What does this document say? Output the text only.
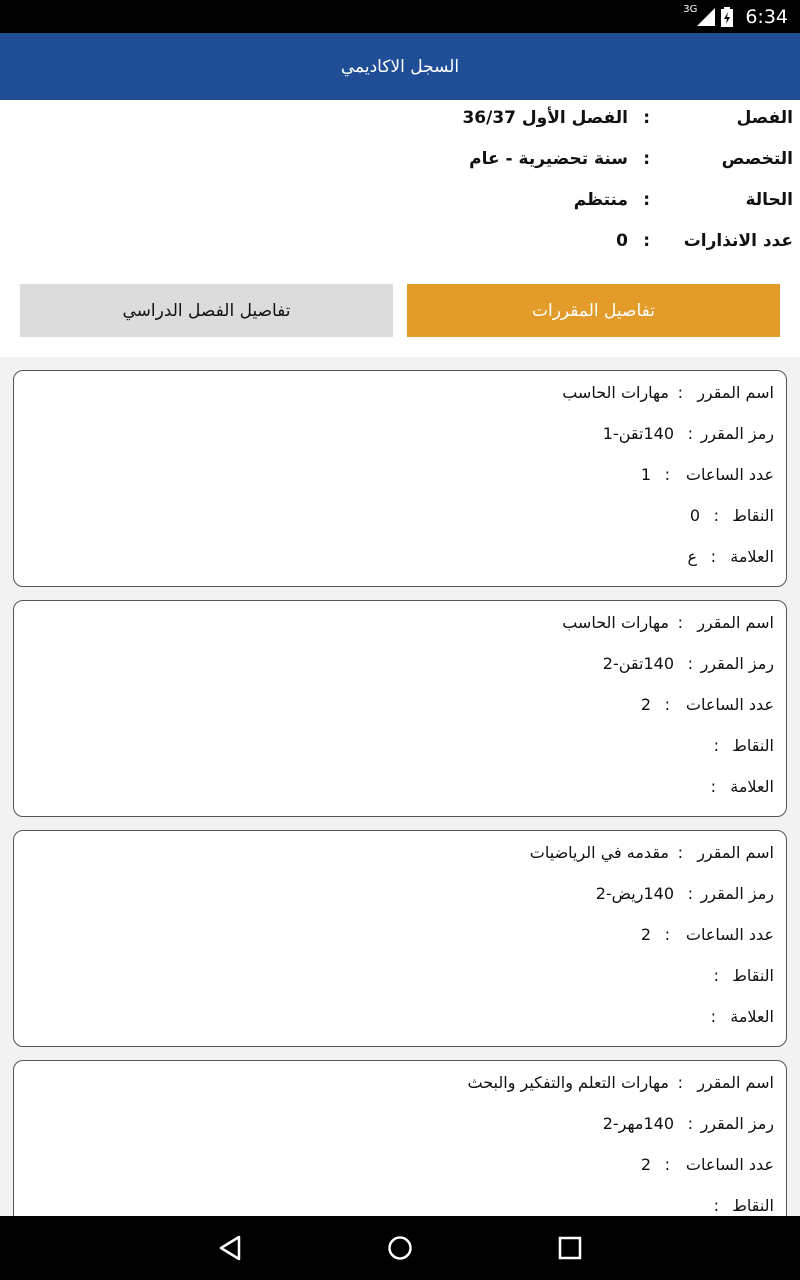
3G	6:34
السجل الاكاديمي
الفصل
:
الفصل الأول 36/37
التخصص
:
سنة تحضيرية - عام
الحالة
:
منتظم
عدد الانذارات
:
0
تفاصيل المقررات
تفاصيل الفصل الدراسي
اسم المقرر
:
مهارات الحاسب
رمز المقرر
:
140تقن-1
عدد الساعات
:
1
النقاط
:
0
العلامة
:
ع
اسم المقرر
:
مهارات الحاسب
رمز المقرر
:
140تقن-2
عدد الساعات
:
2
النقاط
:
العلامة
:
اسم المقرر
:
مقدمه في الرياضيات
رمز المقرر
:
140ريض-2
عدد الساعات
:
2
النقاط
:
العلامة
:
اسم المقرر
:
مهارات التعلم والتفكير والبحث
رمز المقرر
:
140مهر-2
عدد الساعات
:
2
النقاط
:
